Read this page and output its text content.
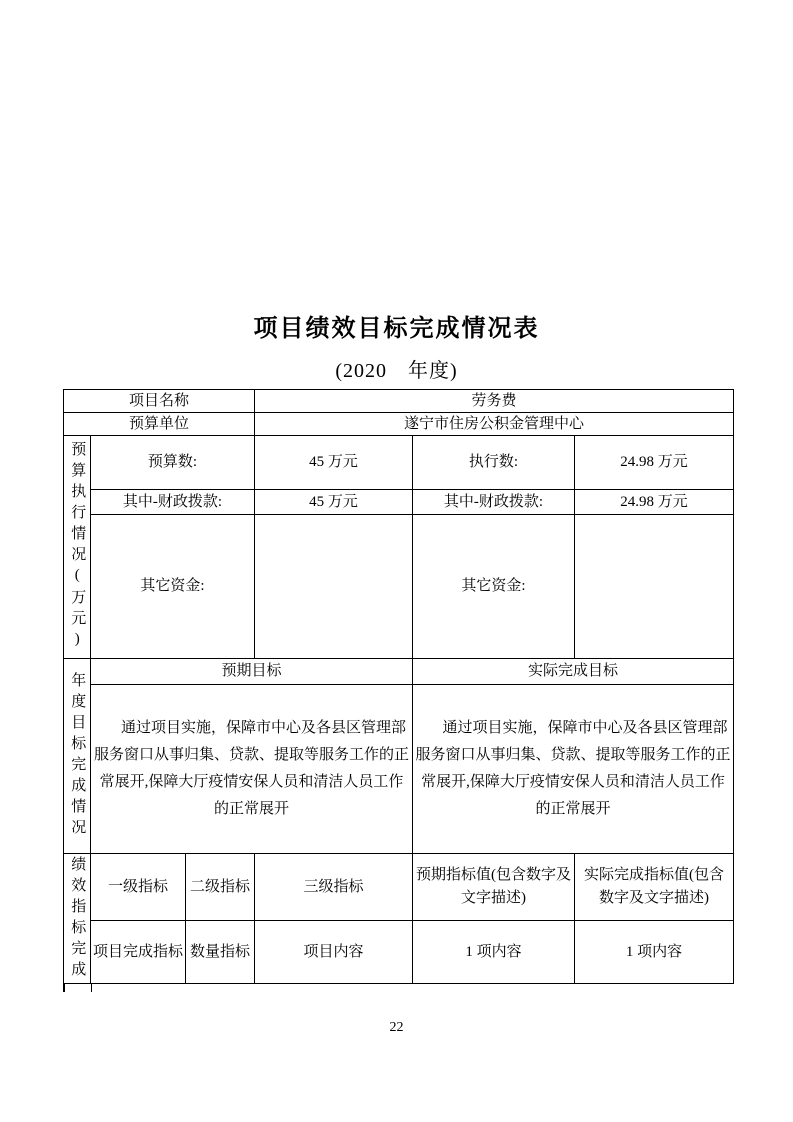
项目绩效目标完成情况表
(2020　年度)
项目名称			劳务费		
预算单位			遂宁市住房公积金管理中心		

预算执行情况(万元)	预算数:		45 万元	执行数:	24.98 万元
	其中-财政拨款:		45 万元	其中-财政拨款:	24.98 万元
	其它资金:			其它资金:	

年度目标完成情况	预期目标			实际完成目标	
	通过项目实施，保障市中心及各县区管理部服务窗口从事归集、贷款、提取等服务工作的正常展开,保障大厅疫情安保人员和清洁人员工作的正常展开			通过项目实施，保障市中心及各县区管理部服务窗口从事归集、贷款、提取等服务工作的正常展开,保障大厅疫情安保人员和清洁人员工作的正常展开	

绩效指标完成	一级指标	二级指标	三级指标	预期指标值(包含数字及文字描述)	实际完成指标值(包含数字及文字描述)
	项目完成指标	数量指标	项目内容	1 项内容	1 项内容
22
